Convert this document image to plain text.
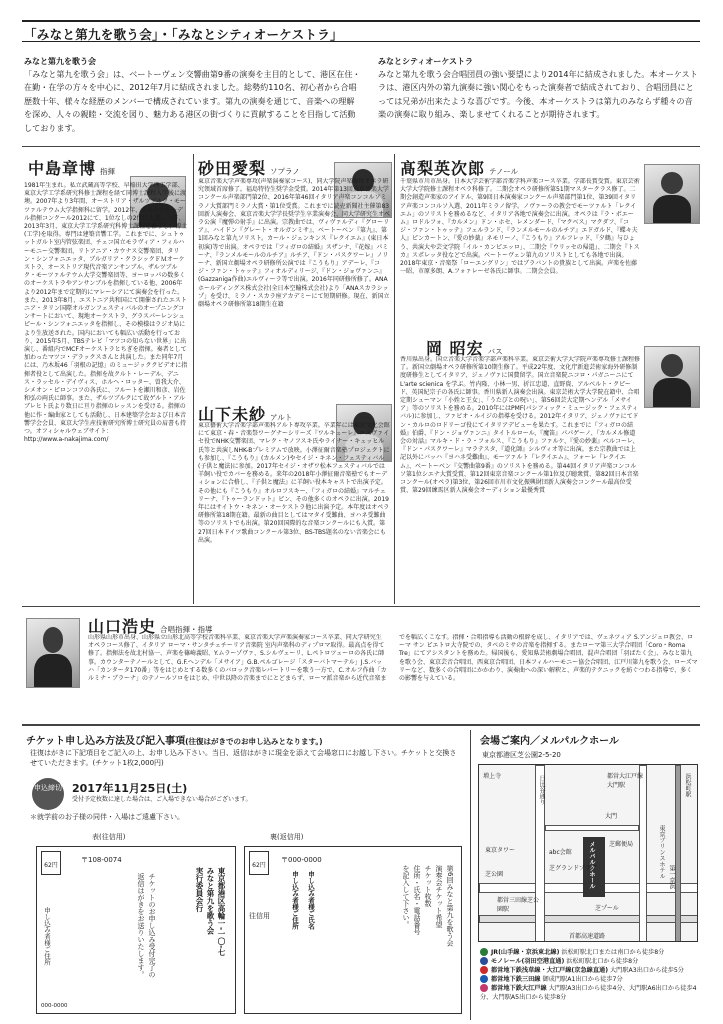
「みなと第九を歌う会」・「みなとシティオーケストラ」
みなと第九を歌う会
「みなと第九を歌う会」は、ベートーヴェン交響曲第9番の演奏を主目的として、港区在住・在勤・在学の方々を中心に、2012年7月に結成されました。総勢約110名、初心者から合唱歴数十年、様々な経歴のメンバーで構成されています。第九の演奏を通じて、音楽への理解を深め、人々の親睦・交流を図り、魅力ある港区の街づくりに貢献することを目指して活動しております。
みなとシティオーケストラ
みなと第九を歌う会合唱団員の強い要望により2014年に結成されました。本オーケストラは、港区内外の第九演奏に強い関心をもった演奏者で結成されており、合唱団員にとっては兄弟が出来たような喜びです。今後、本オーケストラは第九のみならず種々の音楽の演奏に取り組み、楽しませてくれることが期待されます。
中島章博 指揮
1981年生まれ。私立武蔵高等学校、早稲田大学理工学部、東京大学工学系研究科修士課程を経て同博士課程入学後に渡墺。2007年より3年間、オーストリア・ザルツブルク・モーツァルテウム大学指揮科に留学。2012年、クルト・レーデル指揮コンクール2012にて、1位なしの2位に入賞。一方、2013年3月、東京大学工学系研究科博士課程を修了し、博士(工学)を取得。専門は建築音響工学。これまでに、シュトゥットガルト室内管弦楽団、チェコ国立モラヴィア・フィルハーモニー交響楽団、リトアニア・カウナス交響楽団、タリン・シンフォニエッタ、ブルガリア・クラシックＦＭオーケストラ、オーストリア現代音楽アンサンブル、ザルツブルク・モーツァルテウム大学交響楽団等、ヨーロッパの数多くのオーケストラやアンサンブルを指揮している他、2006年より2012年まで定期的にマレーシアにて演奏会を行った。また、2013年8月、エストニア共和国にて開催されたエストニア・タリン国際オルガンフェスティバルのオープニングコンサートにおいて、現地オーケストラ、グラスパーレンシュピール・シンフォニエッタを指揮し、その模様はラジオ局により生放送された。国内においても幅広い活動を行っており、2015年5月、TBSテレビ「マツコの知らない世界」に出演し、番組内でMCFオーケストラとちぎを指揮。奏者として加わったマツコ・デラックスさんと共演した。また同年7月には、乃木坂46「羽根の記憶」のミュージッククビデオに指揮者役として出演した。指揮を故クルト・レーデル、デニス・ラッセル・デイヴィス、ホルヘ・ロッター、曽我大介、シメオン・ピロンコフの各氏に、フルートを瀬川和彦、岩佐和弘の両氏に師事。また、ザルツブルクにて故ゲルト・アルブレヒト氏より数日に亘り指揮のレッスンを受ける。指揮の他に作・編曲家としても活動し、日本建築学会および日本音響学会会員、東京大学生産技術研究所博士研究員の肩書も持つ。オフィシャルウェブサイト：
http://www.a-nakajima.com/
砂田愛梨 ソプラノ
東京音楽大学声楽専攻(声楽演奏家コース)、同大学院声楽専攻オペラ研究領域首席修了。福島特待生奨学金受賞。2014年第13回東京音楽大学コンクール声楽部門第2位、2016年第46回イタリア声楽コンコルソミラノ大賞部門ミラノ大賞・第1位受賞。これまでに読売新聞社主催第83回新人演奏会、東京音楽大学学長奨学生卒業演奏会、同大学研究生オペラ公演『魔弾の射手』に出演。宗教曲では、ヴィヴァルディ『グローリア』、ハイドン『グレート・オルガンミサ』、ベートーベン『第九』、第1回みなと第九ソリスト。カール・ジェンキンス『レクイエム』(東日本初演)等で出演。オペラでは『フィガロの結婚』スザンナ、『花嫁』パミーナ、『ランメルモールのルチア』ルチア、『ドン・パスクワーレ』ノリーナ、新国立劇場オペラ研修所公演では『こうもり』アデーレ、『コジ・ファン・トゥッテ』フィオルディリージ、『ドン・ジョヴァンニ』(Gazzaniga作曲)エルヴィーラ等で出演。2016年同研修所修了。ANAホールディングス株式会社(全日本空輸株式会社)より「ANAスカラシップ」を受け、ミラノ・スカラ座アカデミーにて短期研修。現在、新国立劇場オペラ研修所第18期生在籍
山下未紗 アルト
東京藝術大学音楽学部声楽科アルト専攻卒業。卒業年には東京文化会館にて東京・春・音楽祭ワーグナーシリーズ『ワルキューレ』ロスヴァイセ役でNHK交響楽団、マレク・ヤノフスキ氏やライナー・キュッヒル氏等と共演しNHK-Bプレミアムで放映。小澤征爾音楽塾プロジェクトにも参加し、『こうもり』(カルメン)やセイジ・キネン・フェスティバル(子供と魔法)に参加。2017年セイジ・オザワ松本フェスティバルでは羊飼い役でカバーを務める。来年の2018年小澤征爾音楽塾でもオーディションに合格し、『子供と魔法』に羊飼い役本キャストで出演予定。その他にも『こうもり』オルロフスキー、『フィガロの結婚』マルチェリーナ、『トゥーランドット』ピン、その他多くのオペラに出演。2019年にはサイトウ・キネン・オーケストラ他に出演予定。本年度はオペラ研修所第18期在籍。最新の曲目としてはマタイ受難曲、ヨハネ受難曲等のソリストでも出演。第20回国際的な音楽コンクールにも入賞。第27回日本ドイツ歌曲コンクール第3位、BS-TBS題名のない音楽会にも出演。
髙梨英次郎 テノール
千葉県市川市出身。日本大学芸術学部音楽学科声楽コース卒業。学部長賞受賞。東京芸術大学大学院修士課程オペラ科修了。二期会オペラ研修所第51期マスタークラス修了。二期会創造声楽家のアイドル、第9回日本演奏家コンクール声楽部門第1位、第39回イタリア声楽コンコルソ入選、2011年ミラノ留学。ノヴァーラの教会でモーツァルト「レクイエム」のソリストを務めるなど、イタリア各地で演奏会に出演。オペラは『ラ・ボエーム』ロドルフォ、『カルメン』ドン・ホセ、レメンダード、『マクベス』マクダフ、『コジ・ファン・トゥッテ』フェルランド、『ランメルモールのルチア』エドガルド、『蝶々夫人』ピンカートン、『愛の妙薬』ネモリーノ、『こうもり』アルフレッド、『夕鶴』与ひょう、共演大や芸文学院「イル・カンピエッロ」、二期会『ウリッセの帰還』、二期会『トスカ』スポレッタ役などで出演。ベートーヴェン第九のソリストとしても各地で出演。2018年東京・音楽祭「ローエングリン」ではブラバントの貴族として出演。声楽を佐藤一昭、市原多朗、A.フォァレーゼ各氏に師事。二期会会員。
岡 昭宏 バス
香川県出身。国立音楽大学音楽学部声楽科卒業。東京芸術大学大学院声楽専攻修士課程修了。新国立劇場オペラ研修所第10期生修了。平成22年度、文化庁新進芸術家海外研修制度研修生としてイタリア、ジェノヴァに国費留学。国立音楽院ニコロ・パガニーニにてL'arte scienica を学ぶ。竹内隆、小林一男、折江忠道、直野資、アルベルト・クピード、英国紀宗子の各氏に師事。香川県新人演奏会出演。東京芸術大学大学院在籍中、合唱定期シューマン「小姓と王女」、「うたびとの呪い」、第56回芸大定期ヘンデル「メサイア」等のソリストを務める。2010年にはPMF(パシフィック・ミュージック・フェスティバル)に参加し、ファビオ・ルイジの指導を受ける。2012年イタリア、ジェノヴァにてドン・カルロのロドリーゴ役にてイタリアデビューを果たす。これまでに『フィガロの結婚』伯爵、『ドン・ジョヴァンニ』タイトルロール、『魔笛』パパゲーノ、『カルメル修道会の対話』マルキ・ド・ラ・フォルス、『こうもり』ファルケ、『愛の妙薬』ベルコーレ、『ドン・パスクワーレ』マラテスタ、『道化師』シルヴィオ等に出演。また宗教曲では上記以外にバッハ『ヨハネ受難曲』、モーツァルト『レクイエム』、フォーレ『レクイエム』、ベートーベン『交響曲第9番』のソリストを務める。第44回イタリア声楽コンコルソ第1位シエナ大賞受賞、第12回東京音楽コンクール第1位及び聴衆賞、第82回日本音楽コンクール(オペラ)第3位、第26回市川市文化振興財団新人演奏会コンクール最高位受賞、第29回練馬区新人演奏会オーディション最優秀賞
山口浩史 合唱指揮・指導
山形県山形市出身、山形県立山形北高等学校音楽科卒業、東京音楽大学声楽演奏家コース卒業、同大学研究生オペラコース修了、イタリア ローマ・サンタチェチーリア音楽院 室内声楽科のディプロマ取得。最高点を得て修了。指揮法を故北村協一、声楽を篠崎義昭、Y.ムラーゾヴァ、S.シルヴェーリ、L.ペトロツェーロの各氏に師事。カウンターテノールとして、G.F.ヘンデル「メサイア」G.B.ペルゴレージ「スターバトマーテル」J.S.バッハ「カンタータ170番」等をはじめとする数多くのバロック音楽レパートリーを歌う一方で、C.オルフ作曲「カルミナ・ブラーナ」のテノールソロをはじめ、中世以降の音楽までにとどまらず、ローマ派音楽から近代音楽までを幅広くこなす。指揮・合唱指導も活動の根幹を成し、イタリアでは、ヴェネツィア S.アンジェロ教会、ローマ サン ピエトロ大寺院での、タベのミサの音楽を指揮する。またローマ第三大学合唱団「Coro・Roma Tre」にてアシスタントを務めた。帰国後も、愛知県芸術劇場合唱団、混声合唱団「羽ばたく会」、みなと第九を歌う会、東京芸音合唱団、西東京合唱団、日本フィルハーモニー協会合唱団、江戸川第九を歌う会、ローズマリーなど、数多くの合唱団にかかわり、演奏曲への深い解釈と、声楽的テクニックを紡ぐつわる指導で、多くの影響を与えている。
チケット申し込み方法及び記入事項(往復はがきでのお申し込みとなります。)
往復はがきに下記項目をご記入の上、お申し込み下さい。当日、返信はがきに現金を添えて会場窓口にお越し下さい。チケットと交換させていただきます。(チケット1枚2,000円)
申込締切 2017年11月25日(土)
受付予定枚数に達した場合は、ご入場できない場合がございます。
＊就学前のお子様の同伴・入場はご遠慮下さい。
表(往信用)
62円
〒108-0074
東京都港区高輪一-一〇-七
みなと第九を歌う会
実行委員会行
申し込み者様ご住所
000-0000
チケットのお申し込み受付完了の
返信はがきをお送りいたします。
裏(返信用)
62円
〒000-0000
申し込み者様ご住所	申し込み者様ご氏名	第6回みなと第九を歌う会
演奏会チケット希望
チケット枚数
住所・氏名・電話番号
を記入して下さい。
往信用
会場ご案内／メルパルクホール
東京都港区芝公園2-5-20
メルパルクホール
東京タワー
芝公園
日比谷通り
大門
都営大江戸線大門駅	浜松町駅
芝グランドプラザ	東京プリンスホテル
abc会館
都営三田線芝公園駅
首都高速道路
第一京浜
芝郵便局
芝プール
増上寺
JR(山手線・京浜東北線) 浜松町駅北口または南口から徒歩8分
モノレール(羽田空港直通) 浜松町駅北口から徒歩8分
都営地下鉄浅草線・大江戸線(京急線直通) 大門駅A3出口から徒歩5分
都営地下鉄三田線 御成門駅A1出口から徒歩7分
都営地下鉄大江戸線 大門駅A3出口から徒歩4分、大門駅A6出口から徒歩4分、大門駅A5出口から徒歩8分
